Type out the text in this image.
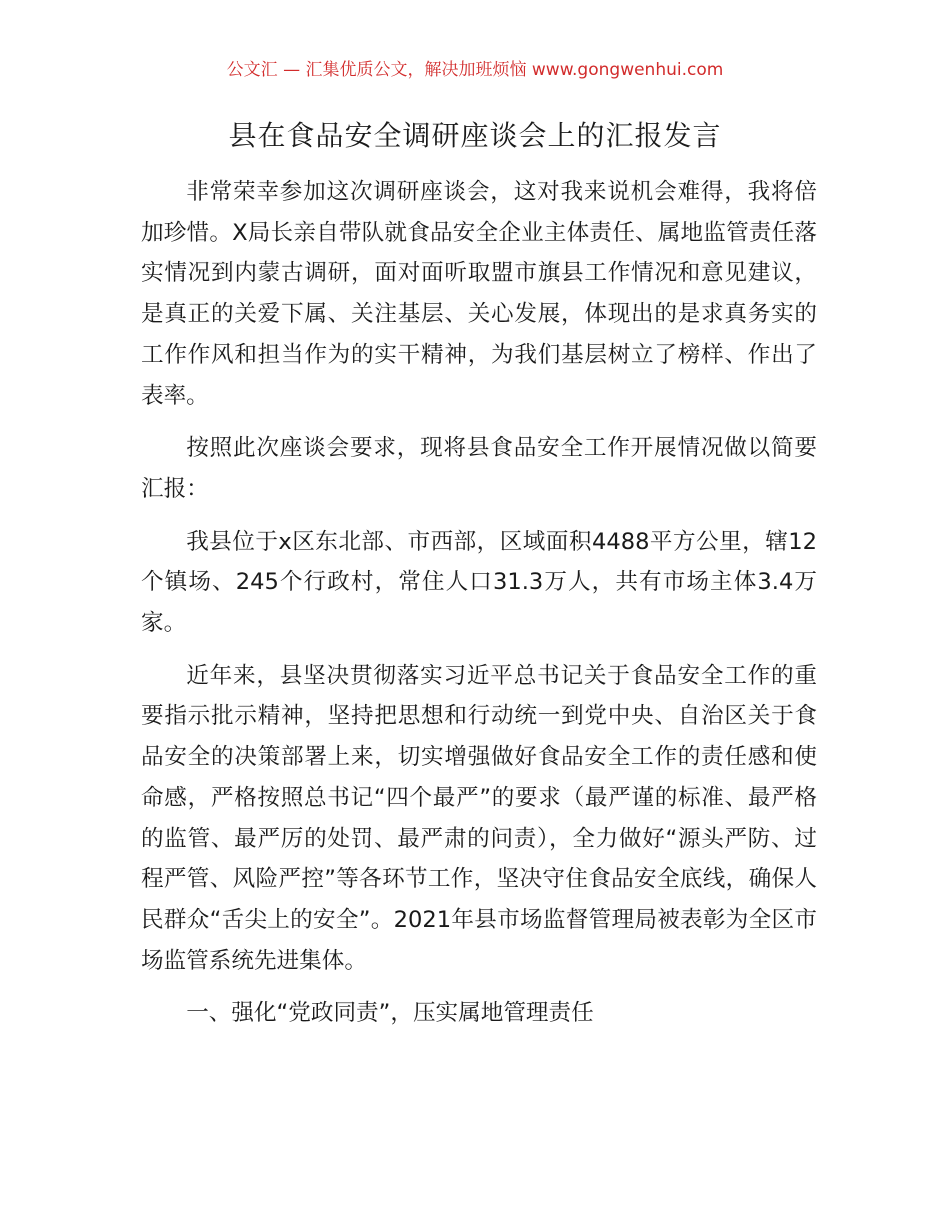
公文汇 — 汇集优质公文，解决加班烦恼 www.gongwenhui.com
县在食品安全调研座谈会上的汇报发言

非常荣幸参加这次调研座谈会，这对我来说机会难得，我将倍加珍惜。X局长亲自带队就食品安全企业主体责任、属地监管责任落实情况到内蒙古调研，面对面听取盟市旗县工作情况和意见建议，是真正的关爱下属、关注基层、关心发展，体现出的是求真务实的工作作风和担当作为的实干精神，为我们基层树立了榜样、作出了表率。

按照此次座谈会要求，现将县食品安全工作开展情况做以简要汇报：

我县位于x区东北部、市西部，区域面积4488平方公里，辖12个镇场、245个行政村，常住人口31.3万人，共有市场主体3.4万家。

近年来，县坚决贯彻落实习近平总书记关于食品安全工作的重要指示批示精神，坚持把思想和行动统一到党中央、自治区关于食品安全的决策部署上来，切实增强做好食品安全工作的责任感和使命感，严格按照总书记“四个最严”的要求（最严谨的标准、最严格的监管、最严厉的处罚、最严肃的问责），全力做好“源头严防、过程严管、风险严控”等各环节工作，坚决守住食品安全底线，确保人民群众“舌尖上的安全”。2021年县市场监督管理局被表彰为全区市场监管系统先进集体。

一、强化“党政同责”，压实属地管理责任
